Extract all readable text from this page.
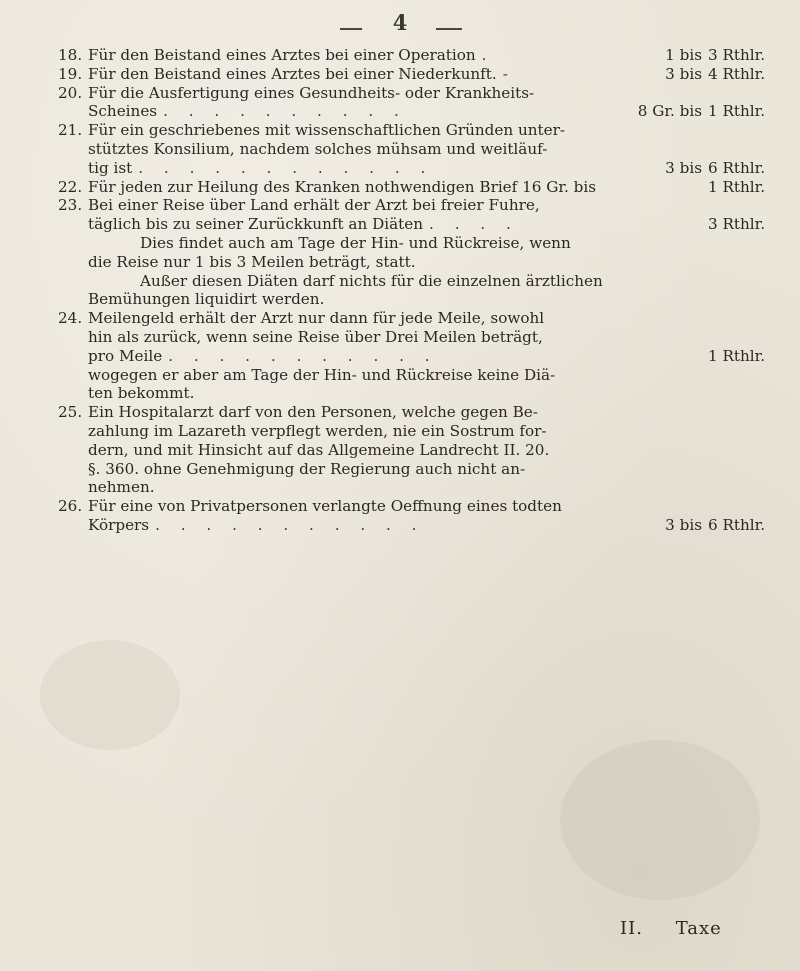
4
18. Für den Beistand eines Arztes bei einer Operation .	1 bis 3 Rthlr.
19. Für den Beistand eines Arztes bei einer Niederkunft. -	3 bis 4 Rthlr.
20. Für die Ausfertigung eines Gesundheits- oder Krankheits-
Scheines . . . . . . . . . .	8 Gr. bis 1 Rthlr.
21. Für ein geschriebenes mit wissenschaftlichen Gründen unter-
stütztes Konsilium, nachdem solches mühsam und weitläuf-
tig ist . . . . . . . . . . . .	3 bis 6 Rthlr.
22. Für jeden zur Heilung des Kranken nothwendigen Brief 16 Gr. bis	1 Rthlr.
23. Bei einer Reise über Land erhält der Arzt bei freier Fuhre,
täglich bis zu seiner Zurückkunft an Diäten . . . .	3 Rthlr.
Dies findet auch am Tage der Hin- und Rückreise, wenn
die Reise nur 1 bis 3 Meilen beträgt, statt.
Außer diesen Diäten darf nichts für die einzelnen ärztlichen
Bemühungen liquidirt werden.
24. Meilengeld erhält der Arzt nur dann für jede Meile, sowohl
hin als zurück, wenn seine Reise über Drei Meilen beträgt,
pro Meile . . . . . . . . . . .	1 Rthlr.
wogegen er aber am Tage der Hin- und Rückreise keine Diä-
ten bekommt.
25. Ein Hospitalarzt darf von den Personen, welche gegen Be-
zahlung im Lazareth verpflegt werden, nie ein Sostrum for-
dern, und mit Hinsicht auf das Allgemeine Landrecht II. 20.
§. 360. ohne Genehmigung der Regierung auch nicht an-
nehmen.
26. Für eine von Privatpersonen verlangte Oeffnung eines todten
Körpers . . . . . . . . . . .	3 bis 6 Rthlr.
II. Taxe
